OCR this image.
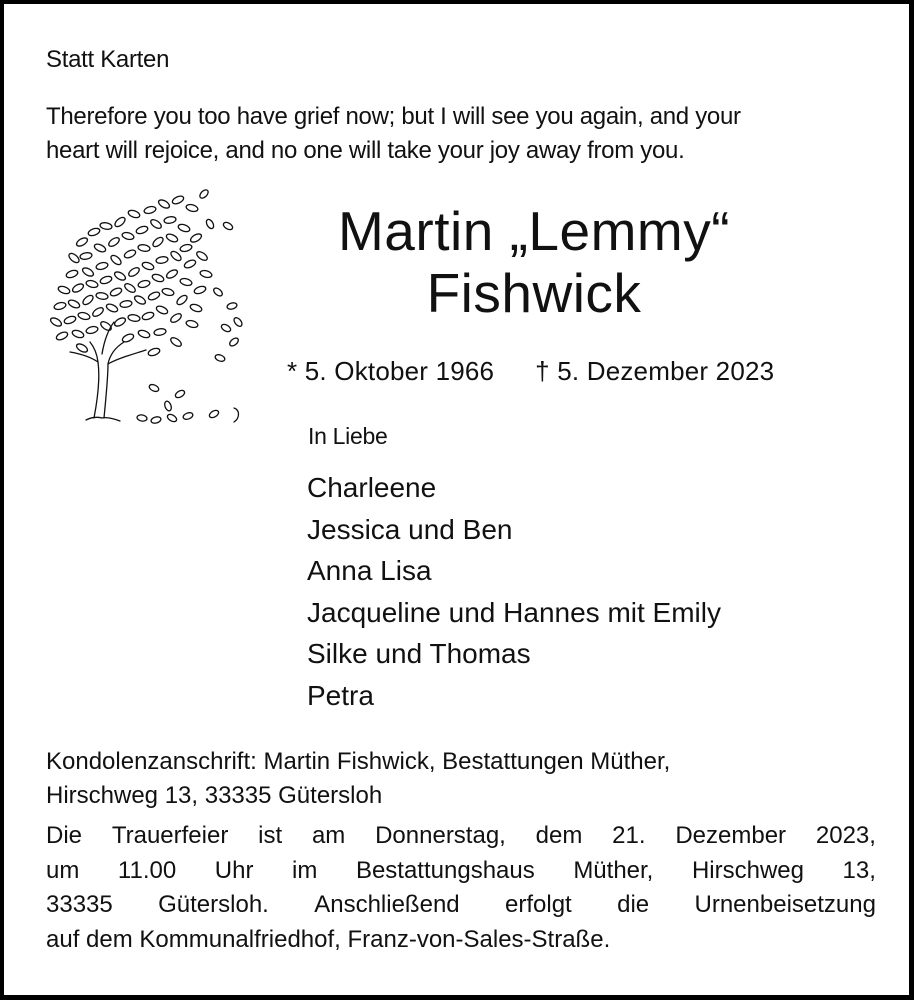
Statt Karten
Therefore you too have grief now; but I will see you again, and your
heart will rejoice, and no one will take your joy away from you.
Martin „Lemmy“
Fishwick
* 5. Oktober 1966 † 5. Dezember 2023
In Liebe
Charleene
Jessica und Ben
Anna Lisa
Jacqueline und Hannes mit Emily
Silke und Thomas
Petra
Kondolenzanschrift: Martin Fishwick, Bestattungen Müther,
Hirschweg 13, 33335 Gütersloh
Die Trauerfeier ist am Donnerstag, dem 21. Dezember 2023,
um 11.00 Uhr im Bestattungshaus Müther, Hirschweg 13,
33335 Gütersloh. Anschließend erfolgt die Urnenbeisetzung
auf dem Kommunalfriedhof, Franz-von-Sales-Straße.
